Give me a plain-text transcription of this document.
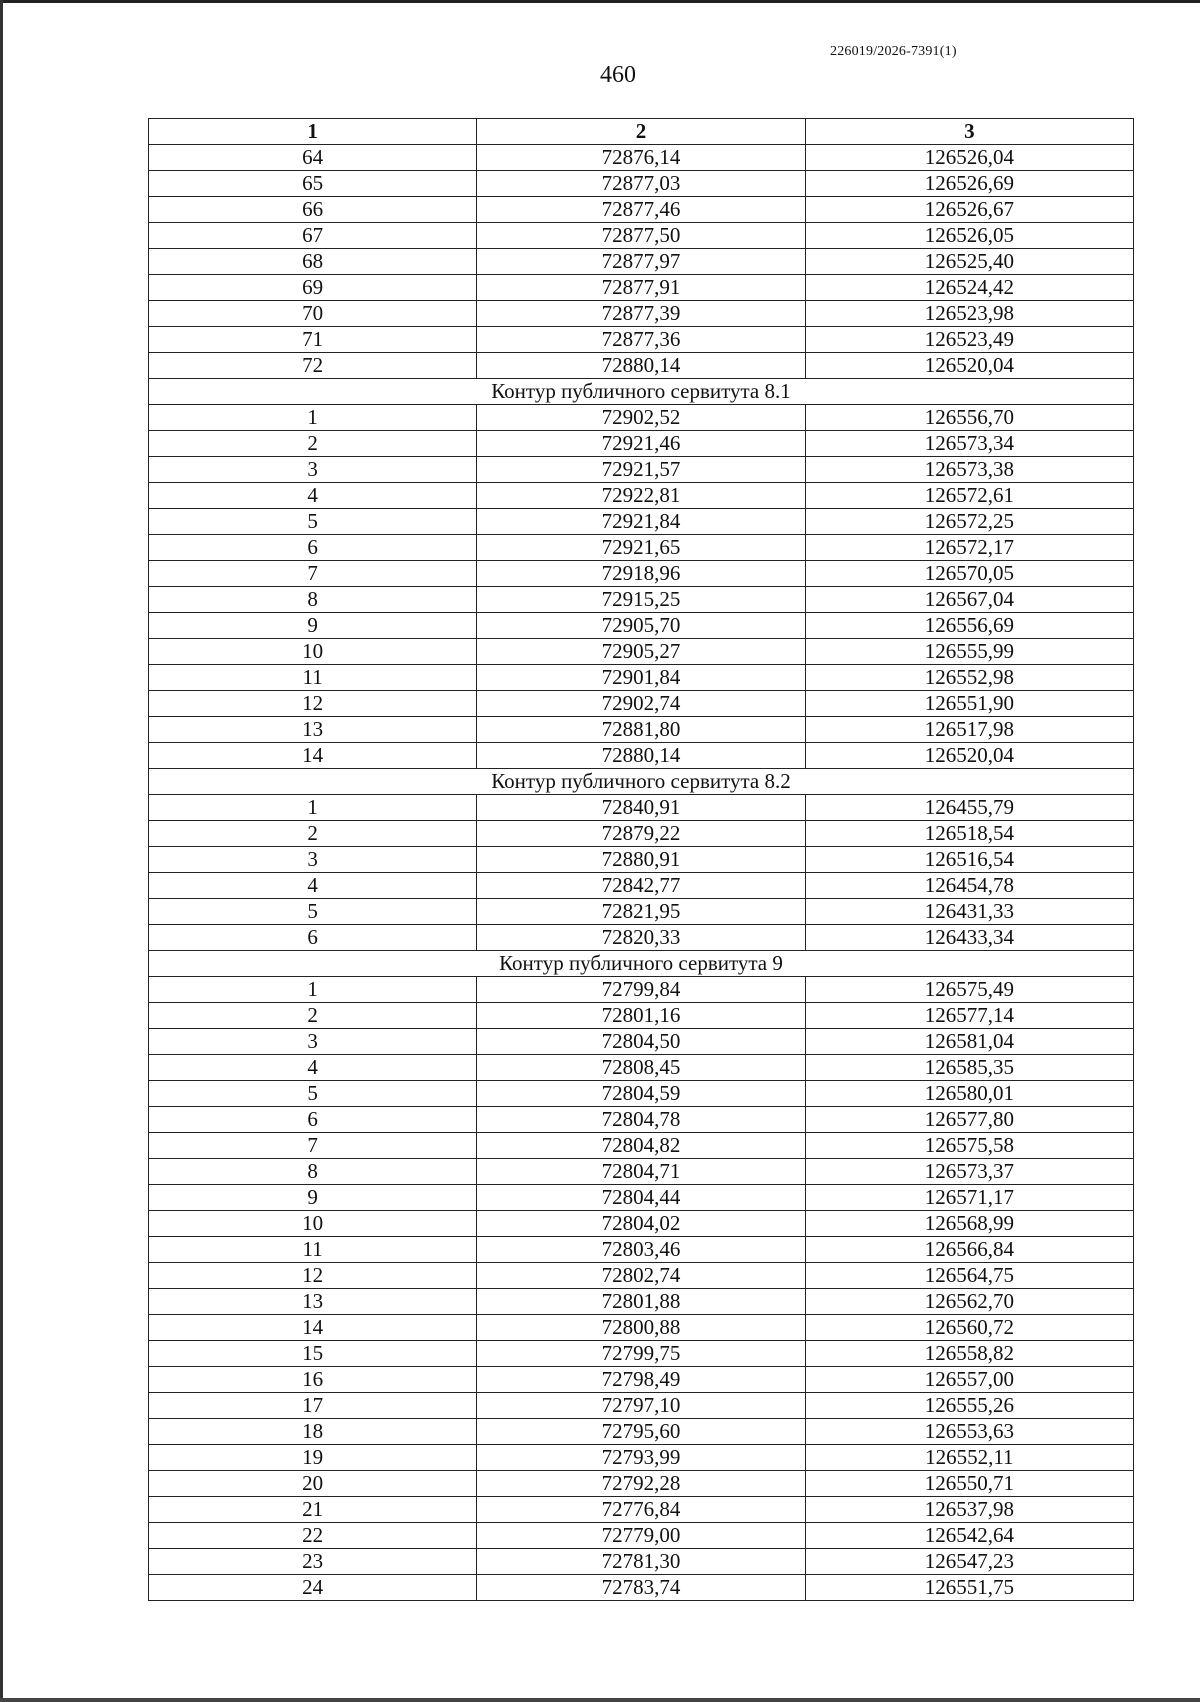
226019/2026-7391(1)
460
1	2	3
64	72876,14	126526,04
65	72877,03	126526,69
66	72877,46	126526,67
67	72877,50	126526,05
68	72877,97	126525,40
69	72877,91	126524,42
70	72877,39	126523,98
71	72877,36	126523,49
72	72880,14	126520,04
Контур публичного сервитута 8.1		
1	72902,52	126556,70
2	72921,46	126573,34
3	72921,57	126573,38
4	72922,81	126572,61
5	72921,84	126572,25
6	72921,65	126572,17
7	72918,96	126570,05
8	72915,25	126567,04
9	72905,70	126556,69
10	72905,27	126555,99
11	72901,84	126552,98
12	72902,74	126551,90
13	72881,80	126517,98
14	72880,14	126520,04
Контур публичного сервитута 8.2		
1	72840,91	126455,79
2	72879,22	126518,54
3	72880,91	126516,54
4	72842,77	126454,78
5	72821,95	126431,33
6	72820,33	126433,34
Контур публичного сервитута 9		
1	72799,84	126575,49
2	72801,16	126577,14
3	72804,50	126581,04
4	72808,45	126585,35
5	72804,59	126580,01
6	72804,78	126577,80
7	72804,82	126575,58
8	72804,71	126573,37
9	72804,44	126571,17
10	72804,02	126568,99
11	72803,46	126566,84
12	72802,74	126564,75
13	72801,88	126562,70
14	72800,88	126560,72
15	72799,75	126558,82
16	72798,49	126557,00
17	72797,10	126555,26
18	72795,60	126553,63
19	72793,99	126552,11
20	72792,28	126550,71
21	72776,84	126537,98
22	72779,00	126542,64
23	72781,30	126547,23
24	72783,74	126551,75
